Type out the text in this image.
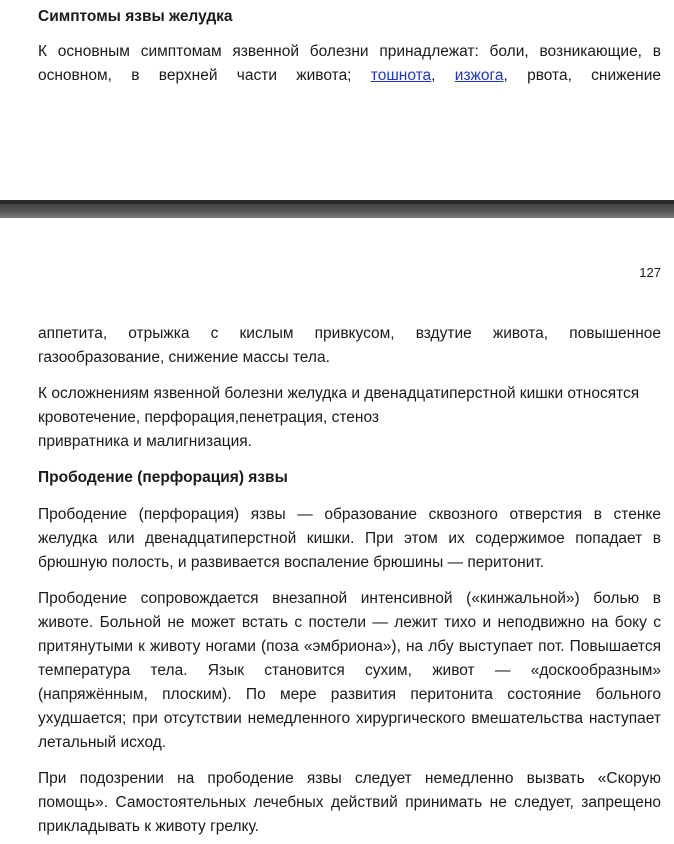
Симптомы язвы желудка

К основным симптомам язвенной болезни принадлежат: боли, возникающие, в основном, в верхней части живота; тошнота, изжога, рвота, снижение

127

аппетита, отрыжка с кислым привкусом, вздутие живота, повышенное газообразование, снижение массы тела.

К осложнениям язвенной болезни желудка и двенадцатиперстной кишки относятся кровотечение, перфорация,пенетрация, стеноз

привратника и малигнизация.

Прободение (перфорация) язвы

Прободение (перфорация) язвы — образование сквозного отверстия в стенке желудка или двенадцатиперстной кишки. При этом их содержимое попадает в брюшную полость, и развивается воспаление брюшины — перитонит.

Прободение сопровождается внезапной интенсивной («кинжальной») болью в животе. Больной не может встать с постели — лежит тихо и неподвижно на боку с притянутыми к животу ногами (поза «эмбриона»), на лбу выступает пот. Повышается температура тела. Язык становится сухим, живот — «доскообразным» (напряжённым, плоским). По мере развития перитонита состояние больного ухудшается; при отсутствии немедленного хирургического вмешательства наступает летальный исход.

При подозрении на прободение язвы следует немедленно вызвать «Скорую помощь». Самостоятельных лечебных действий принимать не следует, запрещено прикладывать к животу грелку.
